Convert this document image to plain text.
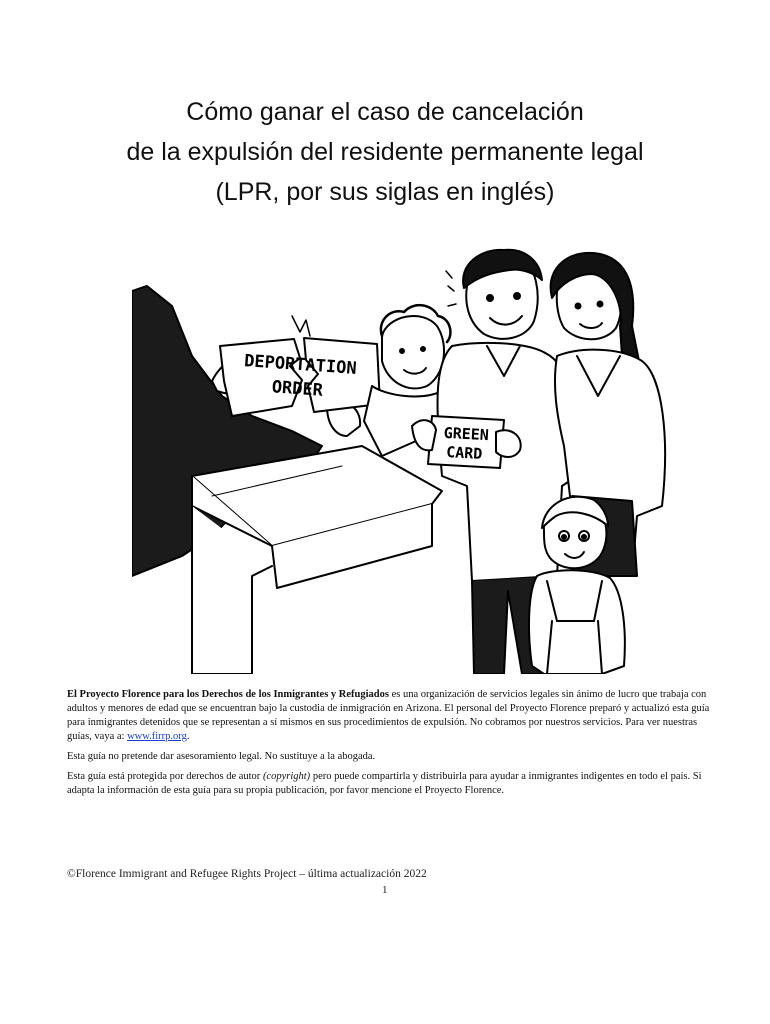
Cómo ganar el caso de cancelación
de la expulsión del residente permanente legal
(LPR, por sus siglas en inglés)
DEPORTATION
ORDER
GREEN
CARD

El Proyecto Florence para los Derechos de los Inmigrantes y Refugiados es una organización de servicios legales sin ánimo de lucro que trabaja con adultos y menores de edad que se encuentran bajo la custodia de inmigración en Arizona. El personal del Proyecto Florence preparó y actualizó esta guía para inmigrantes detenidos que se representan a sí mismos en sus procedimientos de expulsión. No cobramos por nuestros servicios. Para ver nuestras guías, vaya a: www.firrp.org.

Esta guía no pretende dar asesoramiento legal. No sustituye a la abogada.

Esta guía está protegida por derechos de autor (copyright) pero puede compartirla y distribuirla para ayudar a inmigrantes indigentes en todo el país. Si adapta la información de esta guía para su propia publicación, por favor mencione el Proyecto Florence.

©Florence Immigrant and Refugee Rights Project – última actualización 2022
1
